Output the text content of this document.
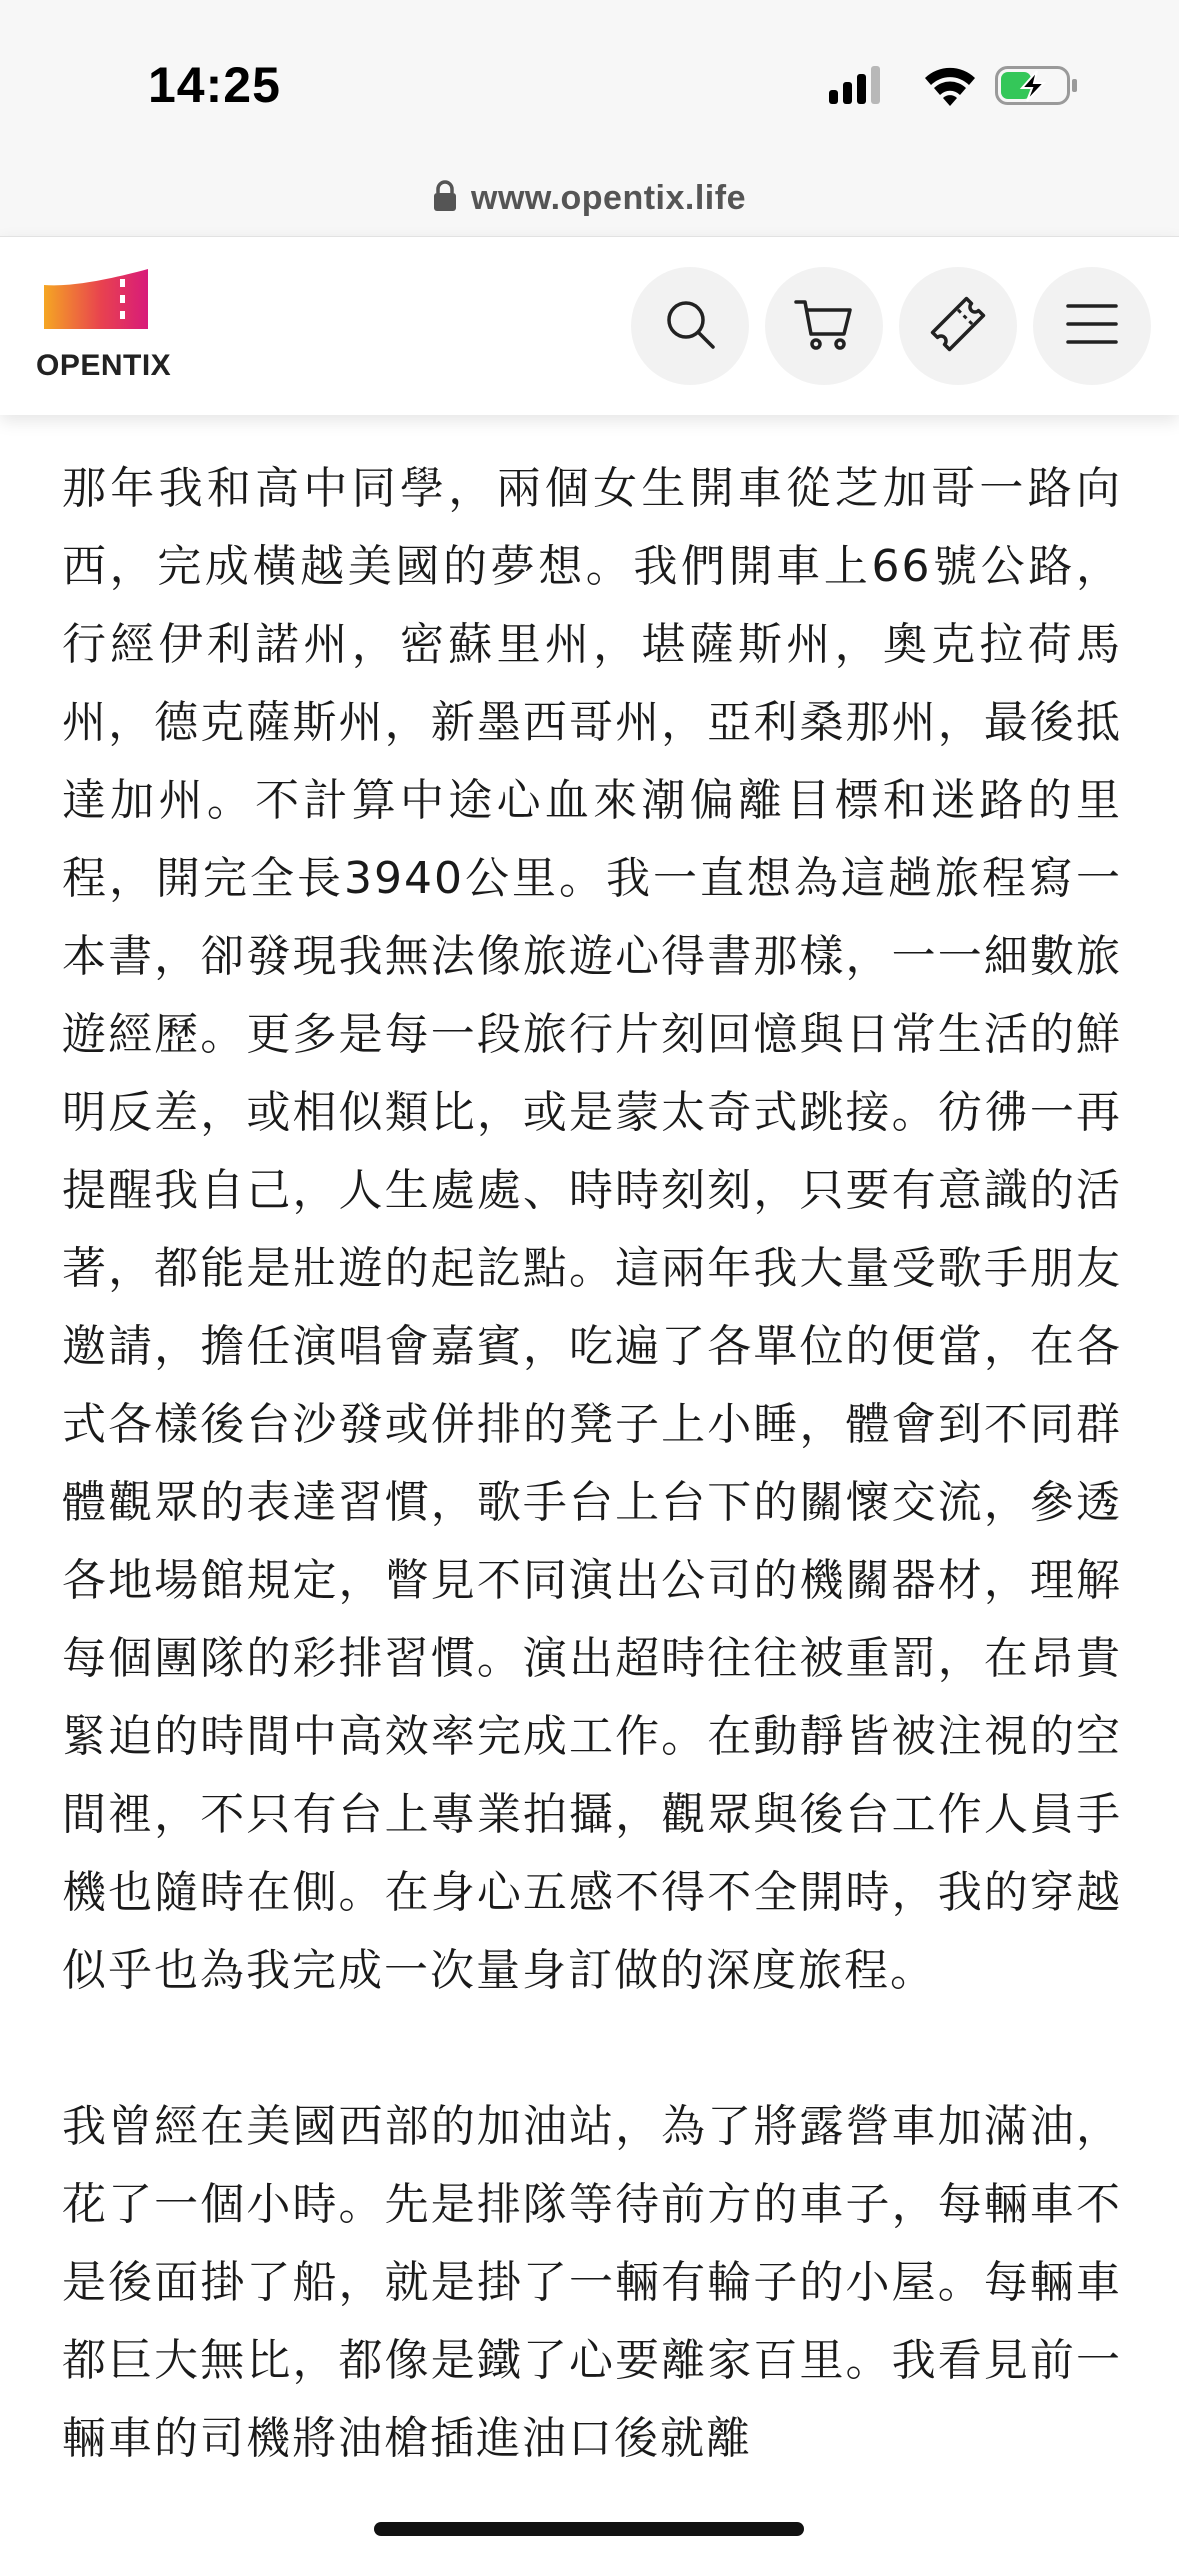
14:25
www.opentix.life
OPENTIX

那年我和高中同學，兩個女生開車從芝加哥一路向西，完成橫越美國的夢想。我們開車上66號公路，行經伊利諾州，密蘇里州，堪薩斯州，奧克拉荷馬州，德克薩斯州，新墨西哥州，亞利桑那州，最後抵達加州。不計算中途心血來潮偏離目標和迷路的里程，開完全長3940公里。我一直想為這趟旅程寫一本書，卻發現我無法像旅遊心得書那樣，一一細數旅遊經歷。更多是每一段旅行片刻回憶與日常生活的鮮明反差，或相似類比，或是蒙太奇式跳接。彷彿一再提醒我自己，人生處處、時時刻刻，只要有意識的活著，都能是壯遊的起訖點。這兩年我大量受歌手朋友邀請，擔任演唱會嘉賓，吃遍了各單位的便當，在各式各樣後台沙發或併排的凳子上小睡，體會到不同群體觀眾的表達習慣，歌手台上台下的關懷交流，參透各地場館規定，瞥見不同演出公司的機關器材，理解每個團隊的彩排習慣。演出超時往往被重罰，在昂貴緊迫的時間中高效率完成工作。在動靜皆被注視的空間裡，不只有台上專業拍攝，觀眾與後台工作人員手機也隨時在側。在身心五感不得不全開時，我的穿越似乎也為我完成一次量身訂做的深度旅程。

我曾經在美國西部的加油站，為了將露營車加滿油，花了一個小時。先是排隊等待前方的車子，每輛車不是後面掛了船，就是掛了一輛有輪子的小屋。每輛車都巨大無比，都像是鐵了心要離家百里。我看見前一輛車的司機將油槍插進油口後就離
